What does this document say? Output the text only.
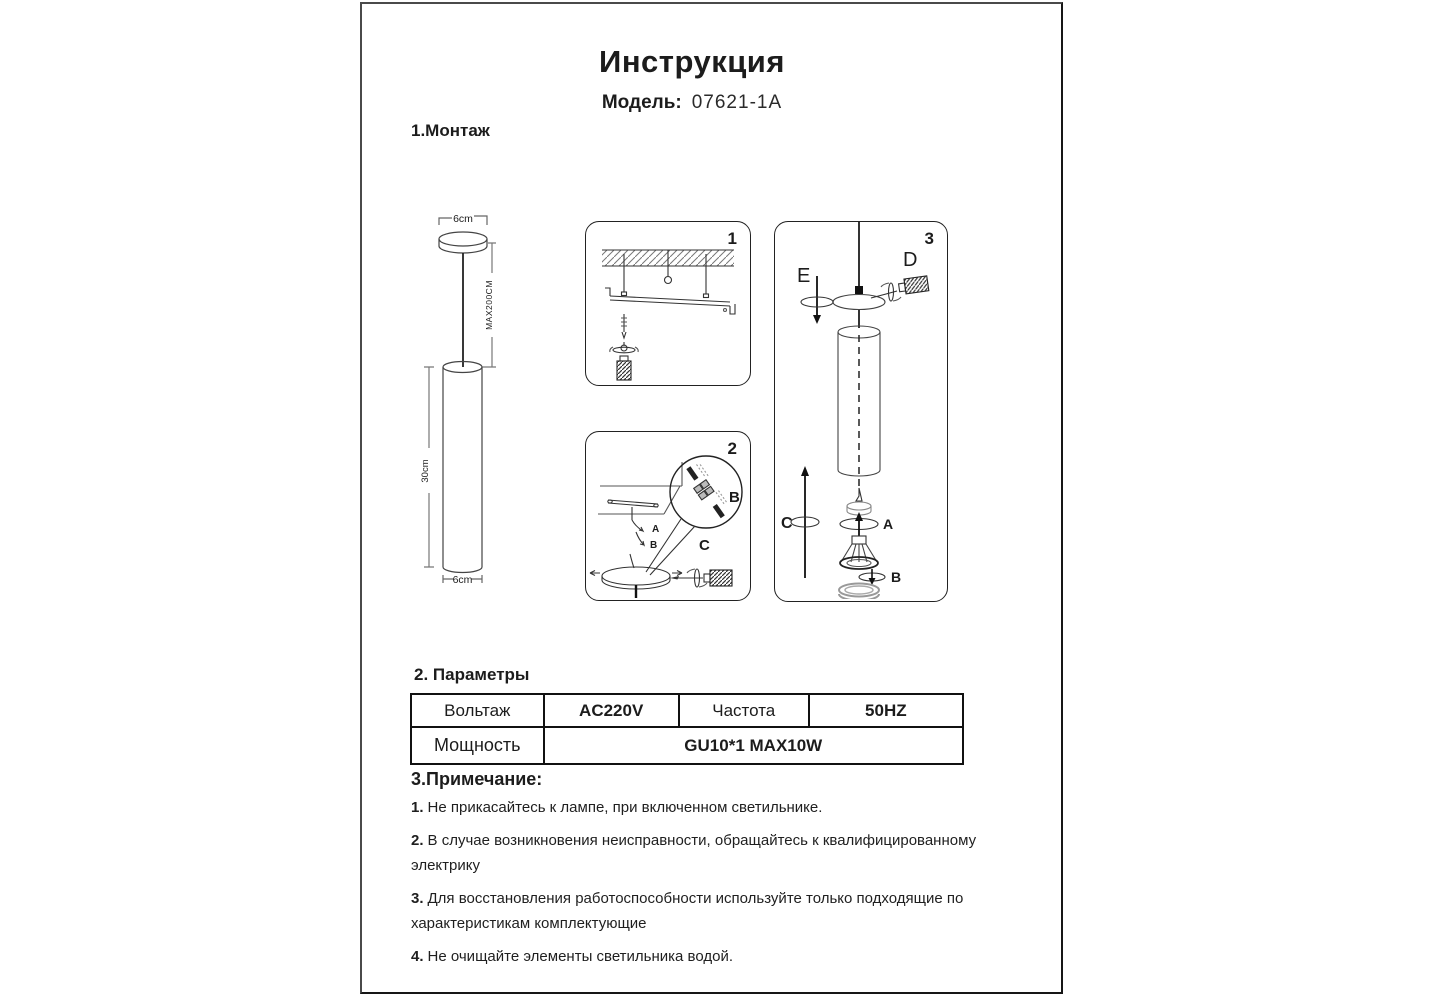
Инструкция
Модель: 07621-1A
1.Монтаж
6cm
MAX200CM
30cm
6cm
1
2
A
B
B
C
3
D
E
A
B
C
2. Параметры
Вольтаж	AC220V	Частота	50HZ
Мощность	GU10*1 MAX10W		
3.Примечание:
1. Не прикасайтесь к лампе, при включенном светильнике.
2. В случае возникновения неисправности, обращайтесь к квалифицированному электрику
3. Для восстановления работоспособности используйте только подходящие по характеристикам комплектующие
4. Не очищайте элементы светильника водой.
